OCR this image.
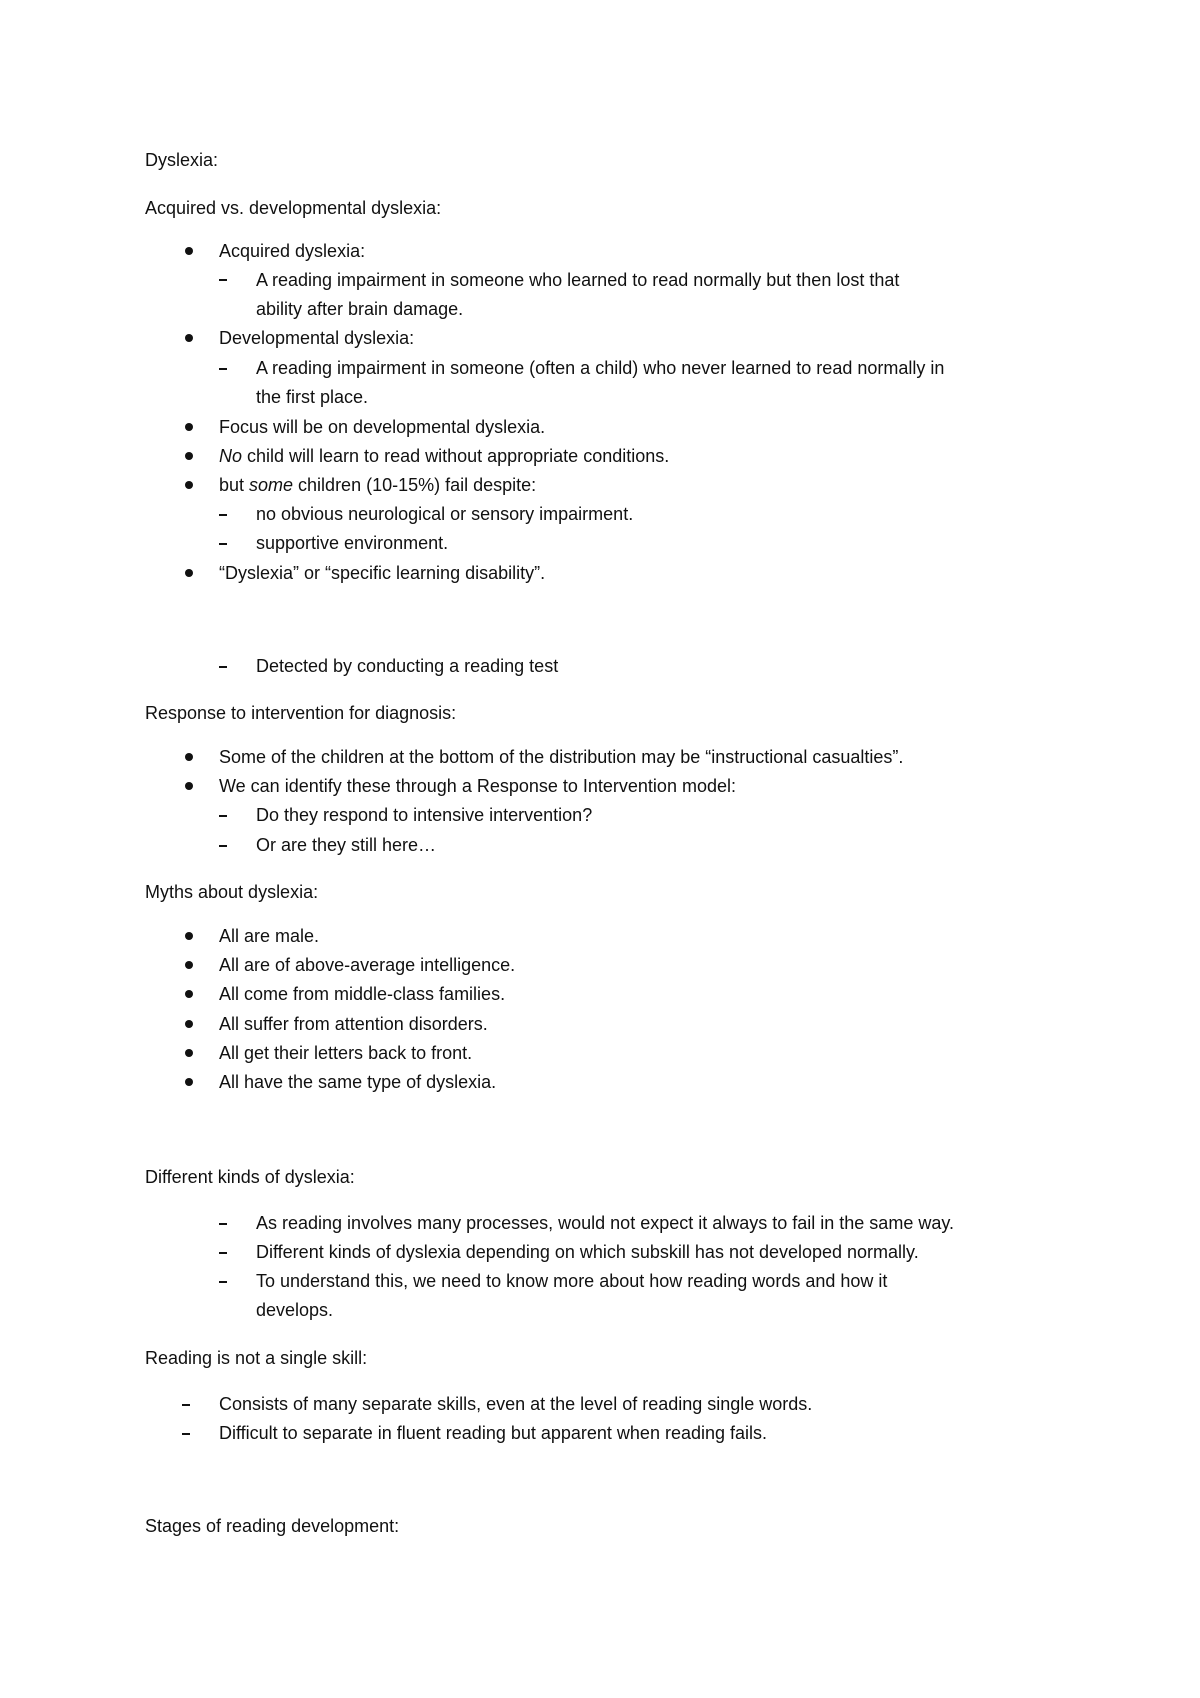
Dyslexia:
Acquired vs. developmental dyslexia:
Acquired dyslexia:
A reading impairment in someone who learned to read normally but then lost that
ability after brain damage.
Developmental dyslexia:
A reading impairment in someone (often a child) who never learned to read normally in
the first place.
Focus will be on developmental dyslexia.
No child will learn to read without appropriate conditions.
but some children (10-15%) fail despite:
no obvious neurological or sensory impairment.
supportive environment.
“Dyslexia” or “specific learning disability”.
Detected by conducting a reading test
Response to intervention for diagnosis:
Some of the children at the bottom of the distribution may be “instructional casualties”.
We can identify these through a Response to Intervention model:
Do they respond to intensive intervention?
Or are they still here…
Myths about dyslexia:
All are male.
All are of above-average intelligence.
All come from middle-class families.
All suffer from attention disorders.
All get their letters back to front.
All have the same type of dyslexia.
Different kinds of dyslexia:
As reading involves many processes, would not expect it always to fail in the same way.
Different kinds of dyslexia depending on which subskill has not developed normally.
To understand this, we need to know more about how reading words and how it
develops.
Reading is not a single skill:
Consists of many separate skills, even at the level of reading single words.
Difficult to separate in fluent reading but apparent when reading fails.
Stages of reading development:
